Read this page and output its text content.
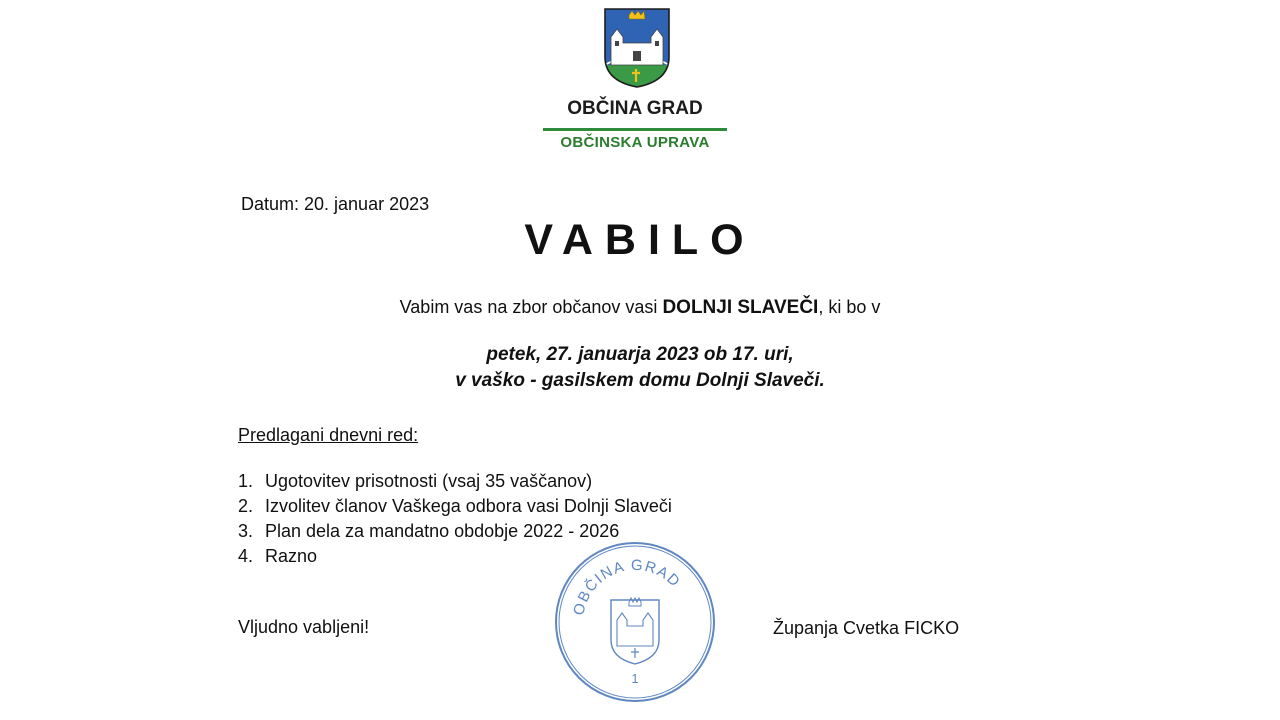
OBČINA GRAD
OBČINSKA UPRAVA
Datum: 20. januar 2023
VABILO
Vabim vas na zbor občanov vasi DOLNJI SLAVEČI, ki bo v
petek, 27. januarja 2023 ob 17. uri,
v vaško - gasilskem domu Dolnji Slaveči.
Predlagani dnevni red:
1. Ugotovitev prisotnosti (vsaj 35 vaščanov)
2. Izvolitev članov Vaškega odbora vasi Dolnji Slaveči
3. Plan dela za mandatno obdobje 2022 - 2026
4. Razno
Vljudno vabljeni!	Županja Cvetka FICKO
OBČINA GRAD
1
